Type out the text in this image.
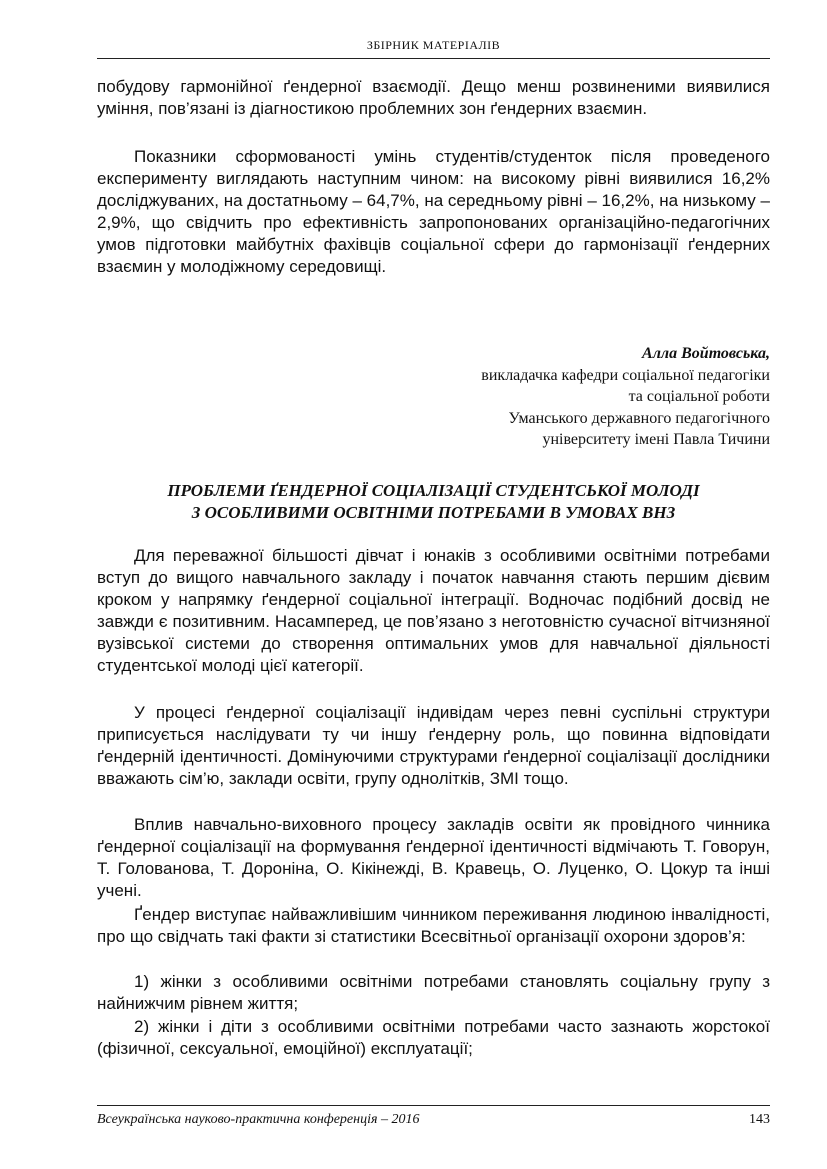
ЗБІРНИК МАТЕРІАЛІВ

побудову гармонійної ґендерної взаємодії. Дещо менш розвиненими виявилися уміння, пов’язані із діагностикою проблемних зон ґендерних взаємин.

Показники сформованості умінь студентів/студенток після проведеного експерименту виглядають наступним чином: на високому рівні виявилися 16,2% досліджуваних, на достатньому – 64,7%, на середньому рівні – 16,2%, на низькому – 2,9%, що свідчить про ефективність запропонованих організаційно-педагогічних умов підготовки майбутніх фахівців соціальної сфери до гармонізації ґендерних взаємин у молодіжному середовищі.

Алла Войтовська,
викладачка кафедри соціальної педагогіки
та соціальної роботи
Уманського державного педагогічного
університету імені Павла Тичини
ПРОБЛЕМИ ҐЕНДЕРНОЇ СОЦІАЛІЗАЦІЇ СТУДЕНТСЬКОЇ МОЛОДІ
З ОСОБЛИВИМИ ОСВІТНІМИ ПОТРЕБАМИ В УМОВАХ ВНЗ

Для переважної більшості дівчат і юнаків з особливими освітніми потребами вступ до вищого навчального закладу і початок навчання стають першим дієвим кроком у напрямку ґендерної соціальної інтеграції. Водночас подібний досвід не завжди є позитивним. Насамперед, це пов’язано з неготовністю сучасної вітчизняної вузівської системи до створення оптимальних умов для навчальної діяльності студентської молоді цієї категорії.

У процесі ґендерної соціалізації індивідам через певні суспільні структури приписується наслідувати ту чи іншу ґендерну роль, що повинна відповідати ґендерній ідентичності. Домінуючими структурами ґендерної соціалізації дослідники вважають сім’ю, заклади освіти, групу однолітків, ЗМІ тощо.

Вплив навчально-виховного процесу закладів освіти як провідного чинника ґендерної соціалізації на формування ґендерної ідентичності відмічають Т. Говорун, Т. Голованова, Т. Дороніна, О. Кікінежді, В. Кравець, О. Луценко, О. Цокур та інші учені.

Ґендер виступає найважливішим чинником переживання людиною інвалідності, про що свідчать такі факти зі статистики Всесвітньої організації охорони здоров’я:

1) жінки з особливими освітніми потребами становлять соціальну групу з найнижчим рівнем життя;

2) жінки і діти з особливими освітніми потребами часто зазнають жорстокої (фізичної, сексуальної, емоційної) експлуатації;

Всеукраїнська науково-практична конференція – 2016	143
